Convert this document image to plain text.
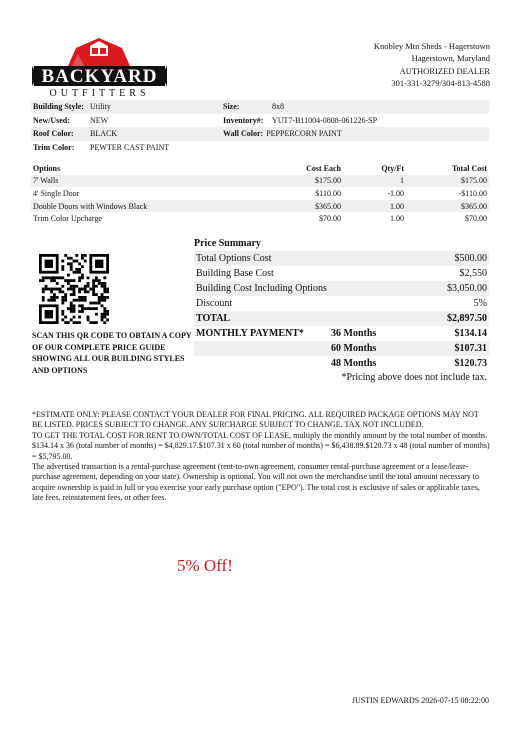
BACKYARD
OUTFITTERS
Knobley Mtn Sheds - Hagerstown
Hagerstown, Maryland
AUTHORIZED DEALER
301-331-3279/304-813-4588
Building Style: Utility	Size:	8x8
New/Used:	NEW	Inventory#:	YUT7-B11004-0808-061226-SP
Roof Color:	BLACK	Wall Color: PEPPERCORN PAINT
Trim Color:	PEWTER CAST PAINT
Options	Cost Each	Qty/Ft	Total Cost
7' Walls	$175.00	1	$175.00
4' Single Door	$110.00	-1.00	-$110.00
Double Doors with Windows Black	$365.00	1.00	$365.00
Trim Color Upcharge	$70.00	1.00	$70.00
SCAN THIS QR CODE TO OBTAIN A COPY OF OUR COMPLETE PRICE GUIDE SHOWING ALL OUR BUILDING STYLES AND OPTIONS
Price Summary
Total Options Cost	$500.00
Building Base Cost	$2,550
Building Cost Including Options	$3,050.00
Discount	5%
TOTAL	$2,897.50
MONTHLY PAYMENT*	36 Months	$134.14
60 Months	$107.31
48 Months	$120.73
*Pricing above does not include tax.

*ESTIMATE ONLY: PLEASE CONTACT YOUR DEALER FOR FINAL PRICING. ALL REQUIRED PACKAGE OPTIONS MAY NOT BE LISTED. PRICES SUBJECT TO CHANGE. ANY SURCHARGE SUBJECT TO CHANGE. TAX NOT INCLUDED.

TO GET THE TOTAL COST FOR RENT TO OWN/TOTAL COST OF LEASE, multiply the monthly amount by the total number of months.

$134.14 x 36 (total number of months) = $4,829.17.$107.31 x 60 (total number of months) = $6,438.89.$120.73 x 48 (total number of months) = $5,795.00.

The advertised transaction is a rental-purchase agreement (rent-to-own agreement, consumer rental-purchase agreement or a lease/lease-purchase agreement, depending on your state). Ownership is optional. You will not own the merchandise until the total amount necessary to acquire ownership is paid in full or you exercise your early purchase option ("EPO"). The total cost is exclusive of sales or applicable taxes, late fees, reinstatement fees, or other fees.

5% Off!
JUSTIN EDWARDS 2026-07-15 08:22:00
